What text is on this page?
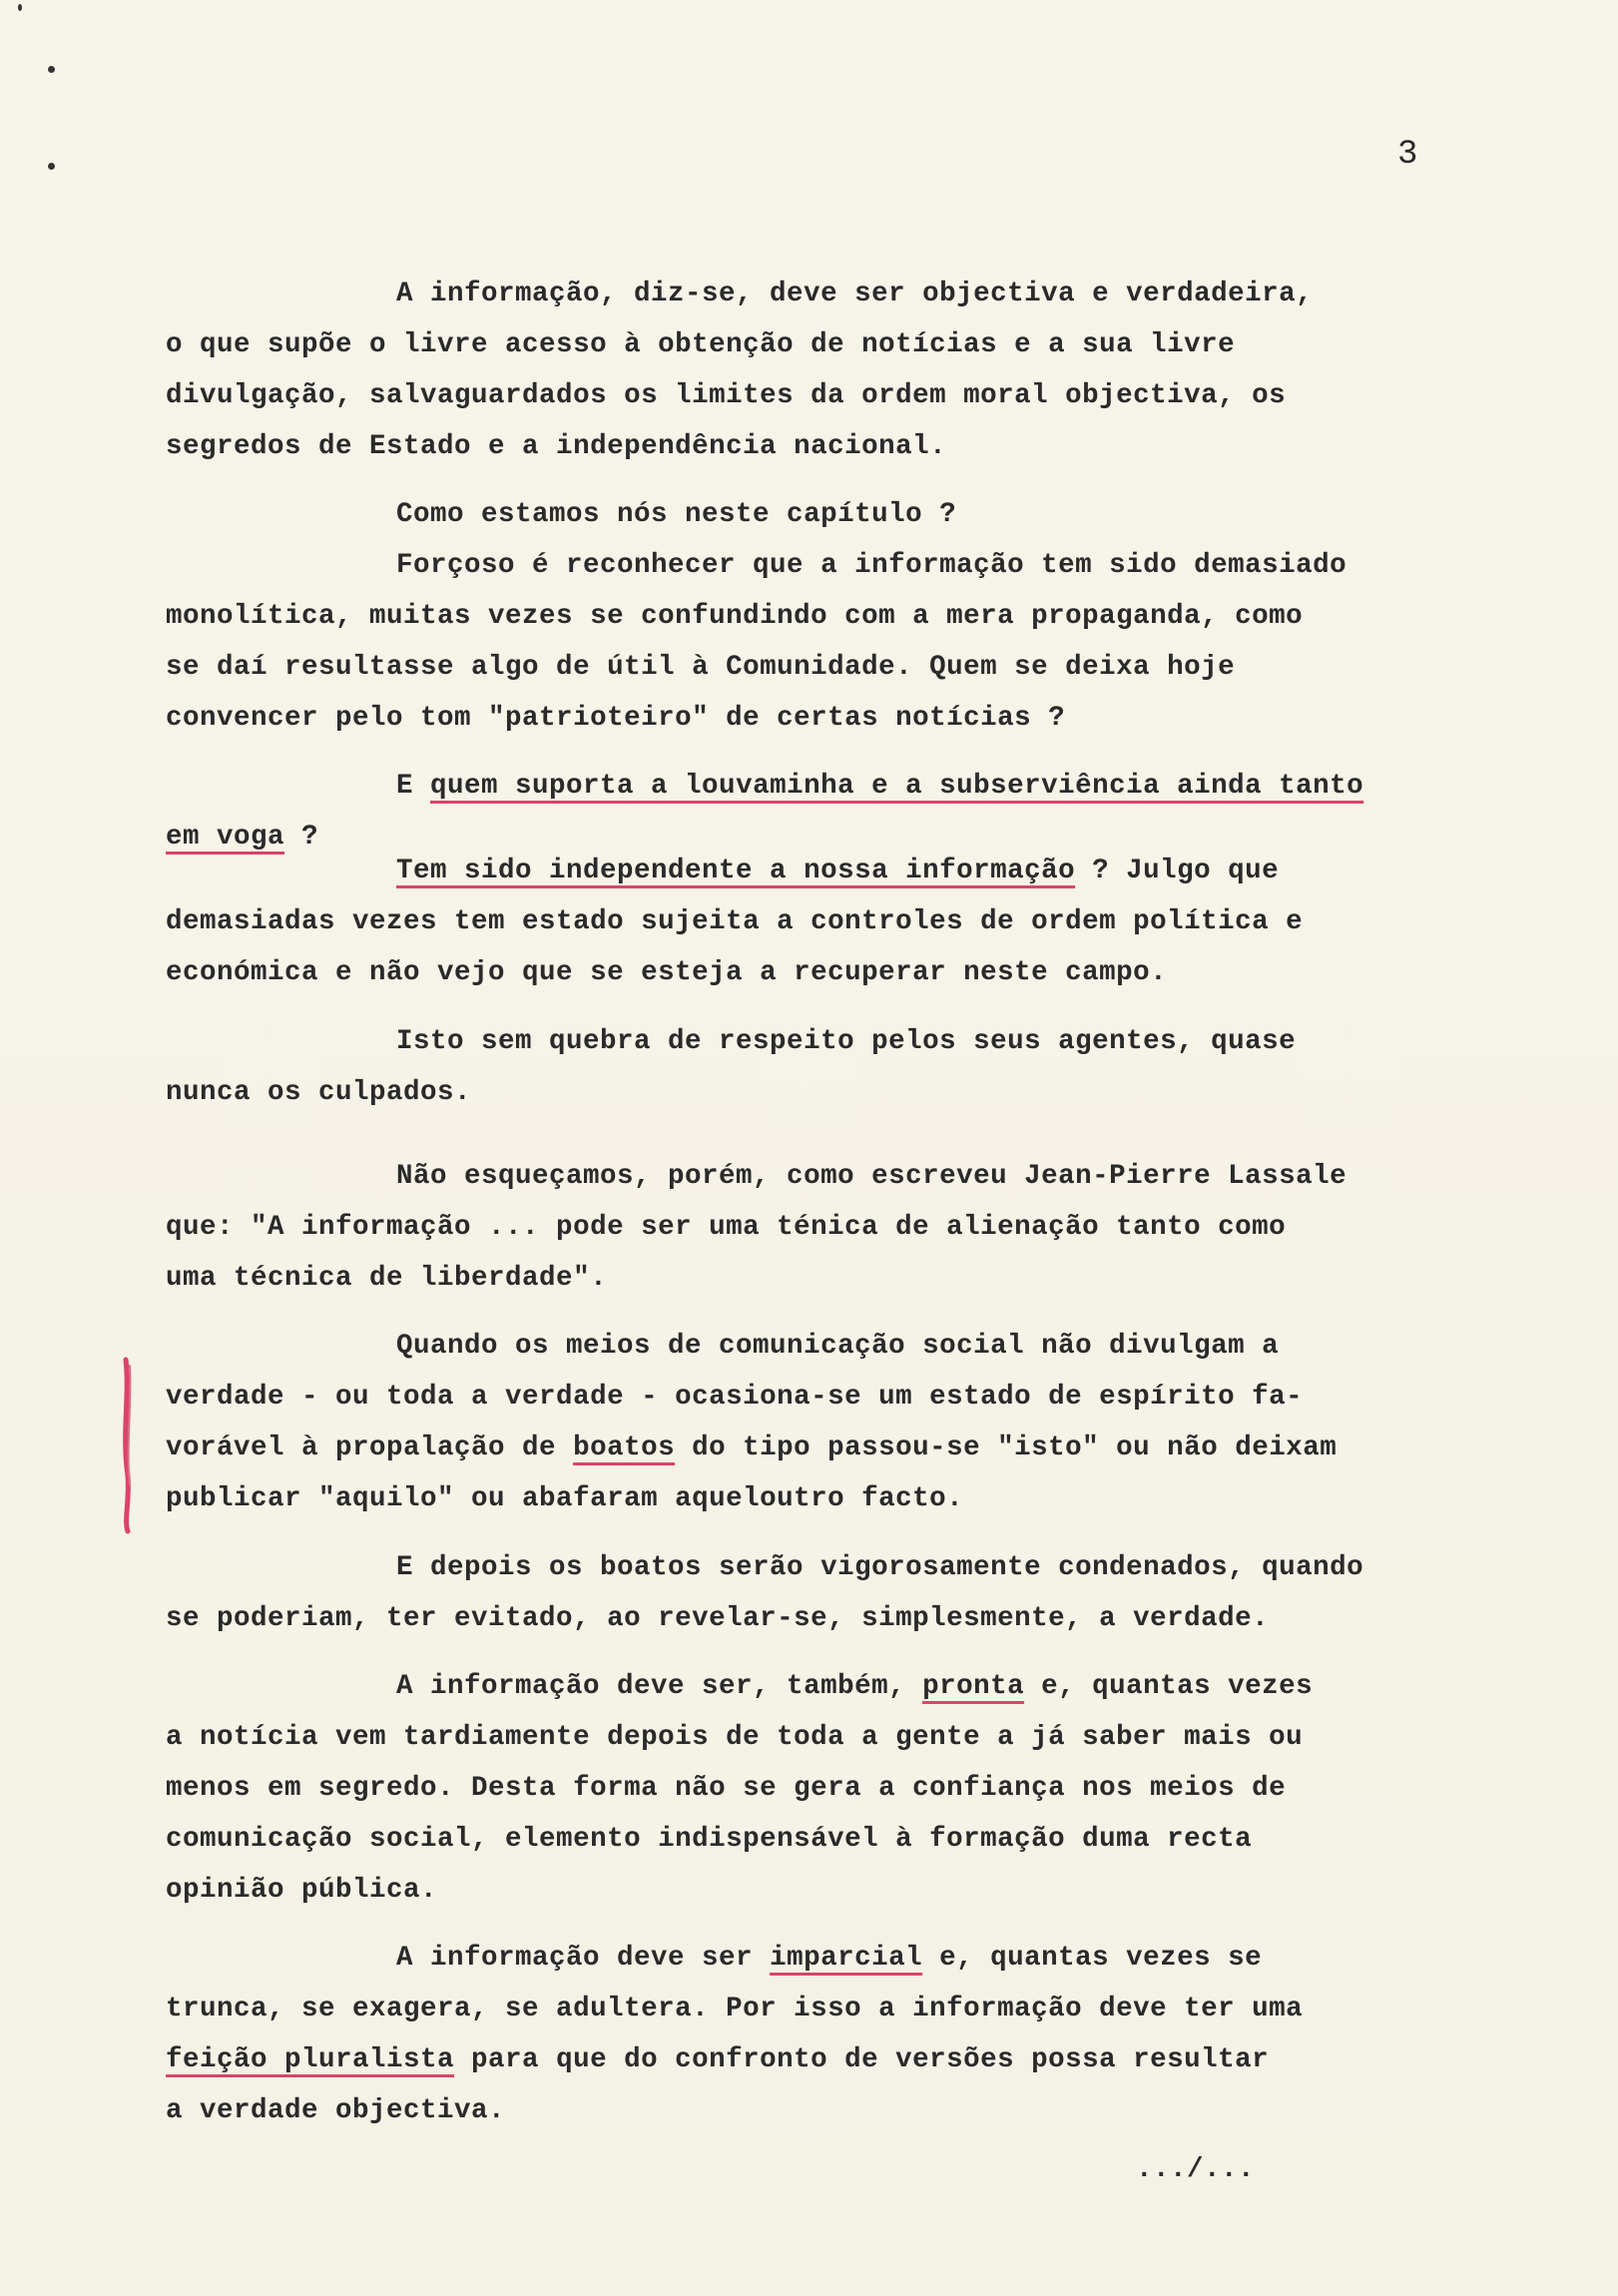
3
A informação, diz-se, deve ser objectiva e verdadeira,
o que supõe o livre acesso à obtenção de notícias e a sua livre
divulgação, salvaguardados os limites da ordem moral objectiva, os
segredos de Estado e a independência nacional.
Como estamos nós neste capítulo ?
Forçoso é reconhecer que a informação tem sido demasiado
monolítica, muitas vezes se confundindo com a mera propaganda, como
se daí resultasse algo de útil à Comunidade. Quem se deixa hoje
convencer pelo tom "patrioteiro" de certas notícias ?
E quem suporta a louvaminha e a subserviência ainda tanto
em voga ?
Tem sido independente a nossa informação ? Julgo que
demasiadas vezes tem estado sujeita a controles de ordem política e
económica e não vejo que se esteja a recuperar neste campo.
Isto sem quebra de respeito pelos seus agentes, quase
nunca os culpados.
Não esqueçamos, porém, como escreveu Jean-Pierre Lassale
que: "A informação ... pode ser uma ténica de alienação tanto como
uma técnica de liberdade".
Quando os meios de comunicação social não divulgam a
verdade - ou toda a verdade - ocasiona-se um estado de espírito fa-
vorável à propalação de boatos do tipo passou-se "isto" ou não deixam
publicar "aquilo" ou abafaram aqueloutro facto.
E depois os boatos serão vigorosamente condenados, quando
se poderiam, ter evitado, ao revelar-se, simplesmente, a verdade.
A informação deve ser, também, pronta e, quantas vezes
a notícia vem tardiamente depois de toda a gente a já saber mais ou
menos em segredo. Desta forma não se gera a confiança nos meios de
comunicação social, elemento indispensável à formação duma recta
opinião pública.
A informação deve ser imparcial e, quantas vezes se
trunca, se exagera, se adultera. Por isso a informação deve ter uma
feição pluralista para que do confronto de versões possa resultar
a verdade objectiva.
.../...
